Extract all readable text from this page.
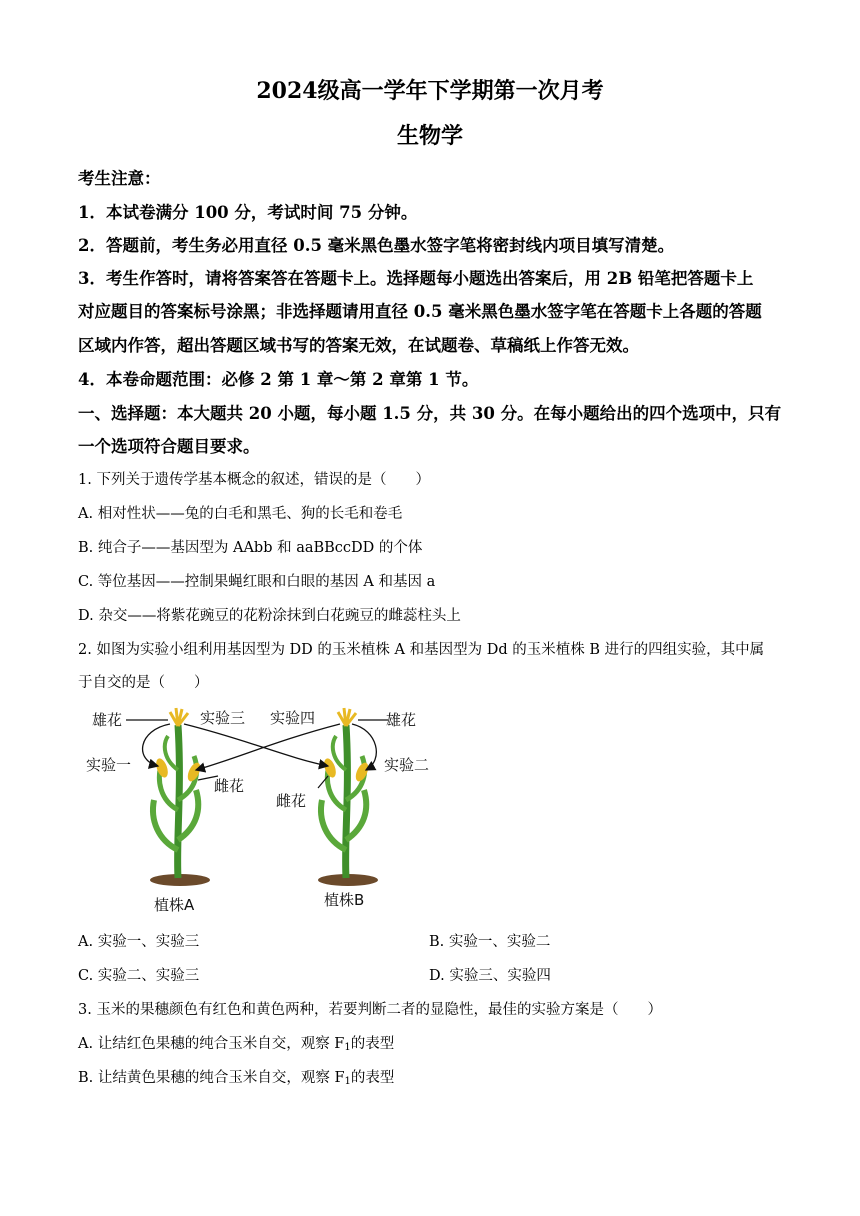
2024级高一学年下学期第一次月考
生物学
考生注意：
1．本试卷满分 100 分，考试时间 75 分钟。
2．答题前，考生务必用直径 0.5 毫米黑色墨水签字笔将密封线内项目填写清楚。
3．考生作答时，请将答案答在答题卡上。选择题每小题选出答案后，用 2B 铅笔把答题卡上
对应题目的答案标号涂黑；非选择题请用直径 0.5 毫米黑色墨水签字笔在答题卡上各题的答题
区域内作答，超出答题区域书写的答案无效，在试题卷、草稿纸上作答无效。
4．本卷命题范围：必修 2 第 1 章～第 2 章第 1 节。
一、选择题：本大题共 20 小题，每小题 1.5 分，共 30 分。在每小题给出的四个选项中，只有
一个选项符合题目要求。
1. 下列关于遗传学基本概念的叙述，错误的是（　　）
A. 相对性状——兔的白毛和黑毛、狗的长毛和卷毛
B. 纯合子——基因型为 AAbb 和 aaBBccDD 的个体
C. 等位基因——控制果蝇红眼和白眼的基因 A 和基因 a
D. 杂交——将紫花豌豆的花粉涂抹到白花豌豆的雌蕊柱头上
2. 如图为实验小组利用基因型为 DD 的玉米植株 A 和基因型为 Dd 的玉米植株 B 进行的四组实验，其中属
于自交的是（　　）
雄花	实验三 实验四	雄花
实验一	实验二
雌花
雌花
植株A	植株B
A. 实验一、实验三	B. 实验一、实验二
C. 实验二、实验三	D. 实验三、实验四
3. 玉米的果穗颜色有红色和黄色两种，若要判断二者的显隐性，最佳的实验方案是（　　）
A. 让结红色果穗的纯合玉米自交，观察 $F_1$的表型
B. 让结黄色果穗的纯合玉米自交，观察 $F_1$的表型
